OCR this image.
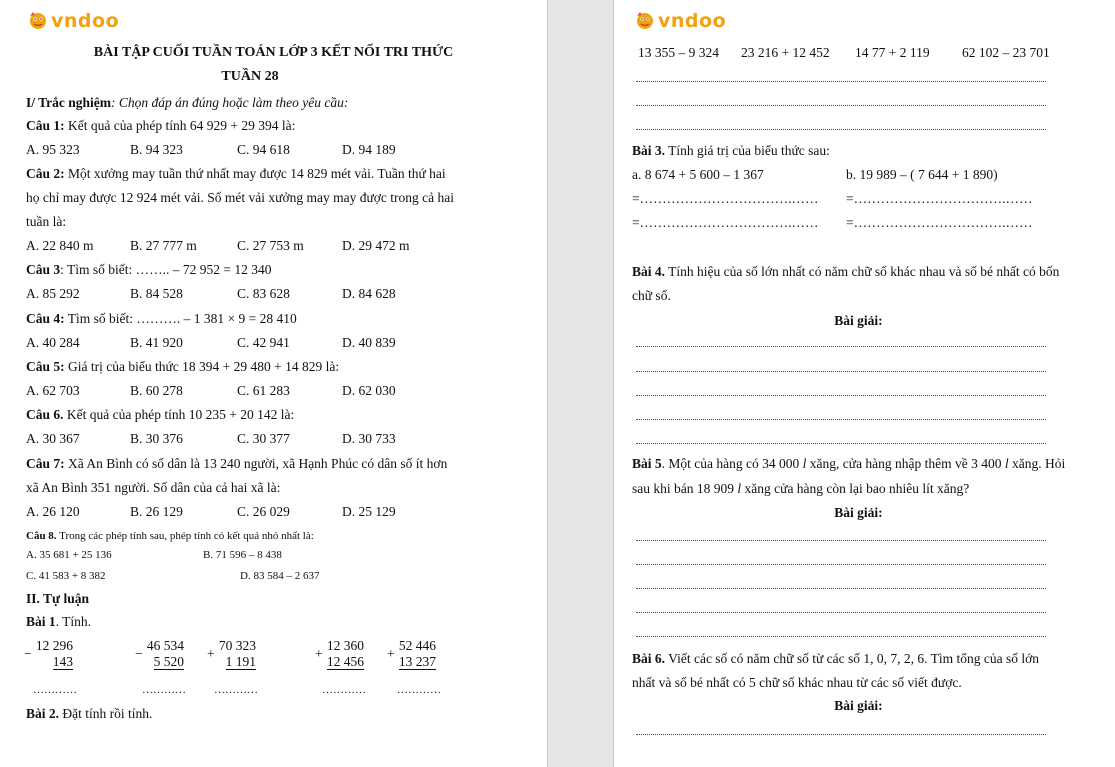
vndoo
BÀI TẬP CUỐI TUẦN TOÁN LỚP 3 KẾT NỐI TRI THỨC
TUẦN 28
I/ Trắc nghiệm: Chọn đáp án đúng hoặc làm theo yêu cầu:
Câu 1: Kết quả của phép tính 64 929 + 29 394 là:
A. 95 323	B. 94 323	C. 94 618	D. 94 189
Câu 2: Một xưởng may tuần thứ nhất may được 14 829 mét vải. Tuần thứ hai
họ chỉ may được 12 924 mét vải. Số mét vải xưởng may may được trong cả hai
tuần là:
A. 22 840 m	B. 27 777 m	C. 27 753 m	D. 29 472 m
Câu 3: Tìm số biết: …….. – 72 952 = 12 340
A. 85 292	B. 84 528	C. 83 628	D. 84 628
Câu 4: Tìm số biết: ………. – 1 381 × 9 = 28 410
A. 40 284	B. 41 920	C. 42 941	D. 40 839
Câu 5: Giá trị của biểu thức 18 394 + 29 480 + 14 829 là:
A. 62 703	B. 60 278	C. 61 283	D. 62 030
Câu 6. Kết quả của phép tính 10 235 + 20 142 là:
A. 30 367	B. 30 376	C. 30 377	D. 30 733
Câu 7: Xã An Bình có số dân là 13 240 người, xã Hạnh Phúc có dân số ít hơn
xã An Bình 351 người. Số dân của cả hai xã là:
A. 26 120	B. 26 129	C. 26 029	D. 25 129
Câu 8. Trong các phép tính sau, phép tính có kết quả nhỏ nhất là:
A. 35 681 + 25 136	B. 71 596 – 8 438
C. 41 583 + 8 382	D. 83 584 – 2 637
II. Tự luận
Bài 1. Tính.
−
12 296
143
…………
−
46 534
5 520
…………
+
70 323
1 191
…………
+
12 360
12 456
…………
+
52 446
13 237
…………
Bài 2. Đặt tính rồi tính.
vndoo
13 355 – 9 324 23 216 + 12 452 14 77 + 2 119 62 102 – 23 701
Bài 3. Tính giá trị của biểu thức sau:
a. 8 674 + 5 600 – 1 367	b. 19 989 – ( 7 644 + 1 890)
=…………………………….…… =…………………………….……
=…………………………….…… =…………………………….……
Bài 4. Tính hiệu của số lớn nhất có năm chữ số khác nhau và số bé nhất có bốn
chữ số.
Bài giải:
Bài 5. Một của hàng có 34 000 l xăng, cửa hàng nhập thêm về 3 400 l xăng. Hỏi
sau khi bán 18 909 l xăng cửa hàng còn lại bao nhiêu lít xăng?
Bài giải:
Bài 6. Viết các số có năm chữ số từ các số 1, 0, 7, 2, 6. Tìm tổng của số lớn
nhất và số bé nhất có 5 chữ số khác nhau từ các số viết được.
Bài giải:
